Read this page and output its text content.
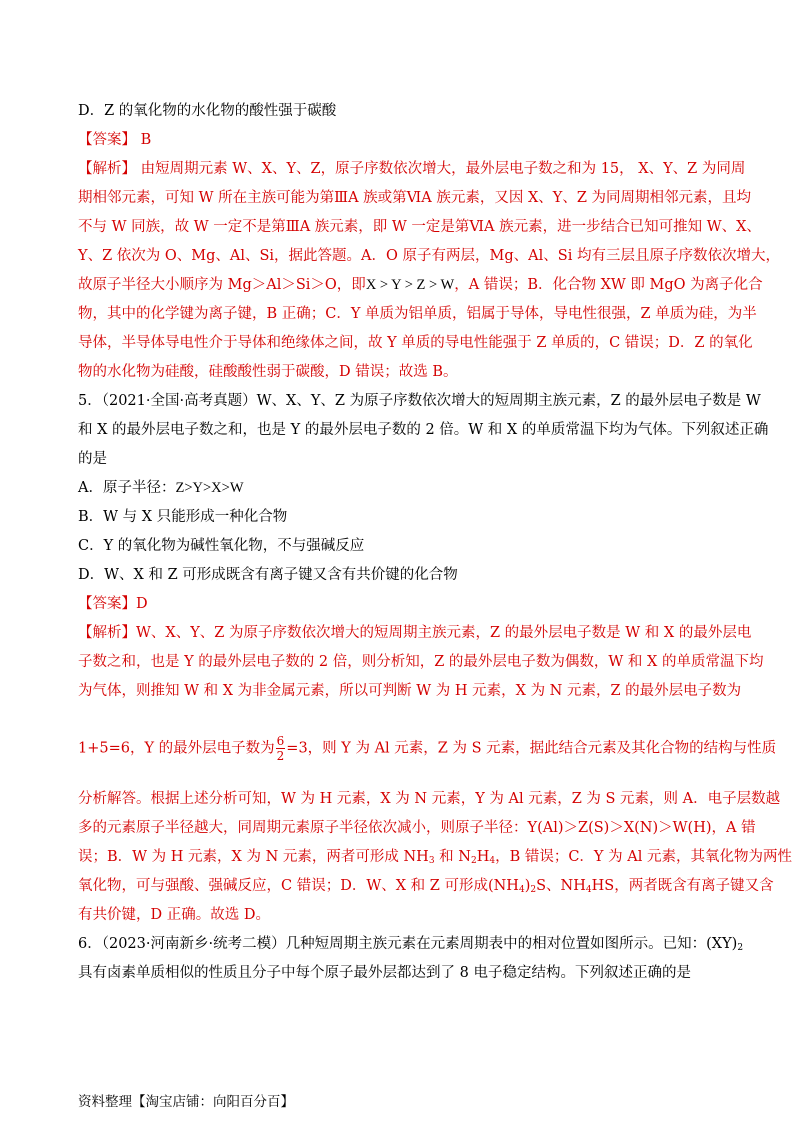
D．Z 的氧化物的水化物的酸性强于碳酸
【答案】 B
【解析】 由短周期元素 W、X、Y、Z，原子序数依次增大，最外层电子数之和为 15， X、Y、Z 为同周
期相邻元素，可知 W 所在主族可能为第ⅢA 族或第ⅥA 族元素，又因 X、Y、Z 为同周期相邻元素，且均
不与 W 同族，故 W 一定不是第ⅢA 族元素，即 W 一定是第ⅥA 族元素，进一步结合已知可推知 W、X、
Y、Z 依次为 O、Mg、Al、Si，据此答题。A．O 原子有两层，Mg、Al、Si 均有三层且原子序数依次增大，
故原子半径大小顺序为 Mg＞Al＞Si＞O，即X > Y > Z > W，A 错误；B．化合物 XW 即 MgO 为离子化合
物，其中的化学键为离子键，B 正确；C．Y 单质为铝单质，铝属于导体，导电性很强，Z 单质为硅，为半
导体，半导体导电性介于导体和绝缘体之间，故 Y 单质的导电性能强于 Z 单质的，C 错误；D．Z 的氧化
物的水化物为硅酸，硅酸酸性弱于碳酸，D 错误；故选 B。
5．（2021·全国·高考真题）W、X、Y、Z 为原子序数依次增大的短周期主族元素，Z 的最外层电子数是 W
和 X 的最外层电子数之和，也是 Y 的最外层电子数的 2 倍。W 和 X 的单质常温下均为气体。下列叙述正确
的是
A．原子半径：Z>Y>X>W
B．W 与 X 只能形成一种化合物
C．Y 的氧化物为碱性氧化物，不与强碱反应
D．W、X 和 Z 可形成既含有离子键又含有共价键的化合物
【答案】D
【解析】W、X、Y、Z 为原子序数依次增大的短周期主族元素，Z 的最外层电子数是 W 和 X 的最外层电
子数之和，也是 Y 的最外层电子数的 2 倍，则分析知，Z 的最外层电子数为偶数，W 和 X 的单质常温下均
为气体，则推知 W 和 X 为非金属元素，所以可判断 W 为 H 元素，X 为 N 元素，Z 的最外层电子数为
1+5=6，Y 的最外层电子数为 $\frac{6}{2} =3$，则 Y 为 Al 元素，Z 为 S 元素，据此结合元素及其化合物的结构与性质
分析解答。根据上述分析可知，W 为 H 元素，X 为 N 元素，Y 为 Al 元素，Z 为 S 元素，则 A．电子层数越
多的元素原子半径越大，同周期元素原子半径依次减小，则原子半径：Y(Al)＞Z(S)＞X(N)＞W(H)，A 错
误；B．W 为 H 元素，X 为 N 元素，两者可形成 $NH_3$ 和 $N_2H_4$，B 错误；C．Y 为 Al 元素，其氧化物为两性
氧化物，可与强酸、强碱反应，C 错误；D．W、X 和 Z 可形成$(NH_4)_2S$、$NH_4HS$，两者既含有离子键又含
有共价键，D 正确。故选 D。
6．（2023·河南新乡·统考二模）几种短周期主族元素在元素周期表中的相对位置如图所示。已知：$(XY)_2$
具有卤素单质相似的性质且分子中每个原子最外层都达到了 8 电子稳定结构。下列叙述正确的是
资料整理【淘宝店铺：向阳百分百】
